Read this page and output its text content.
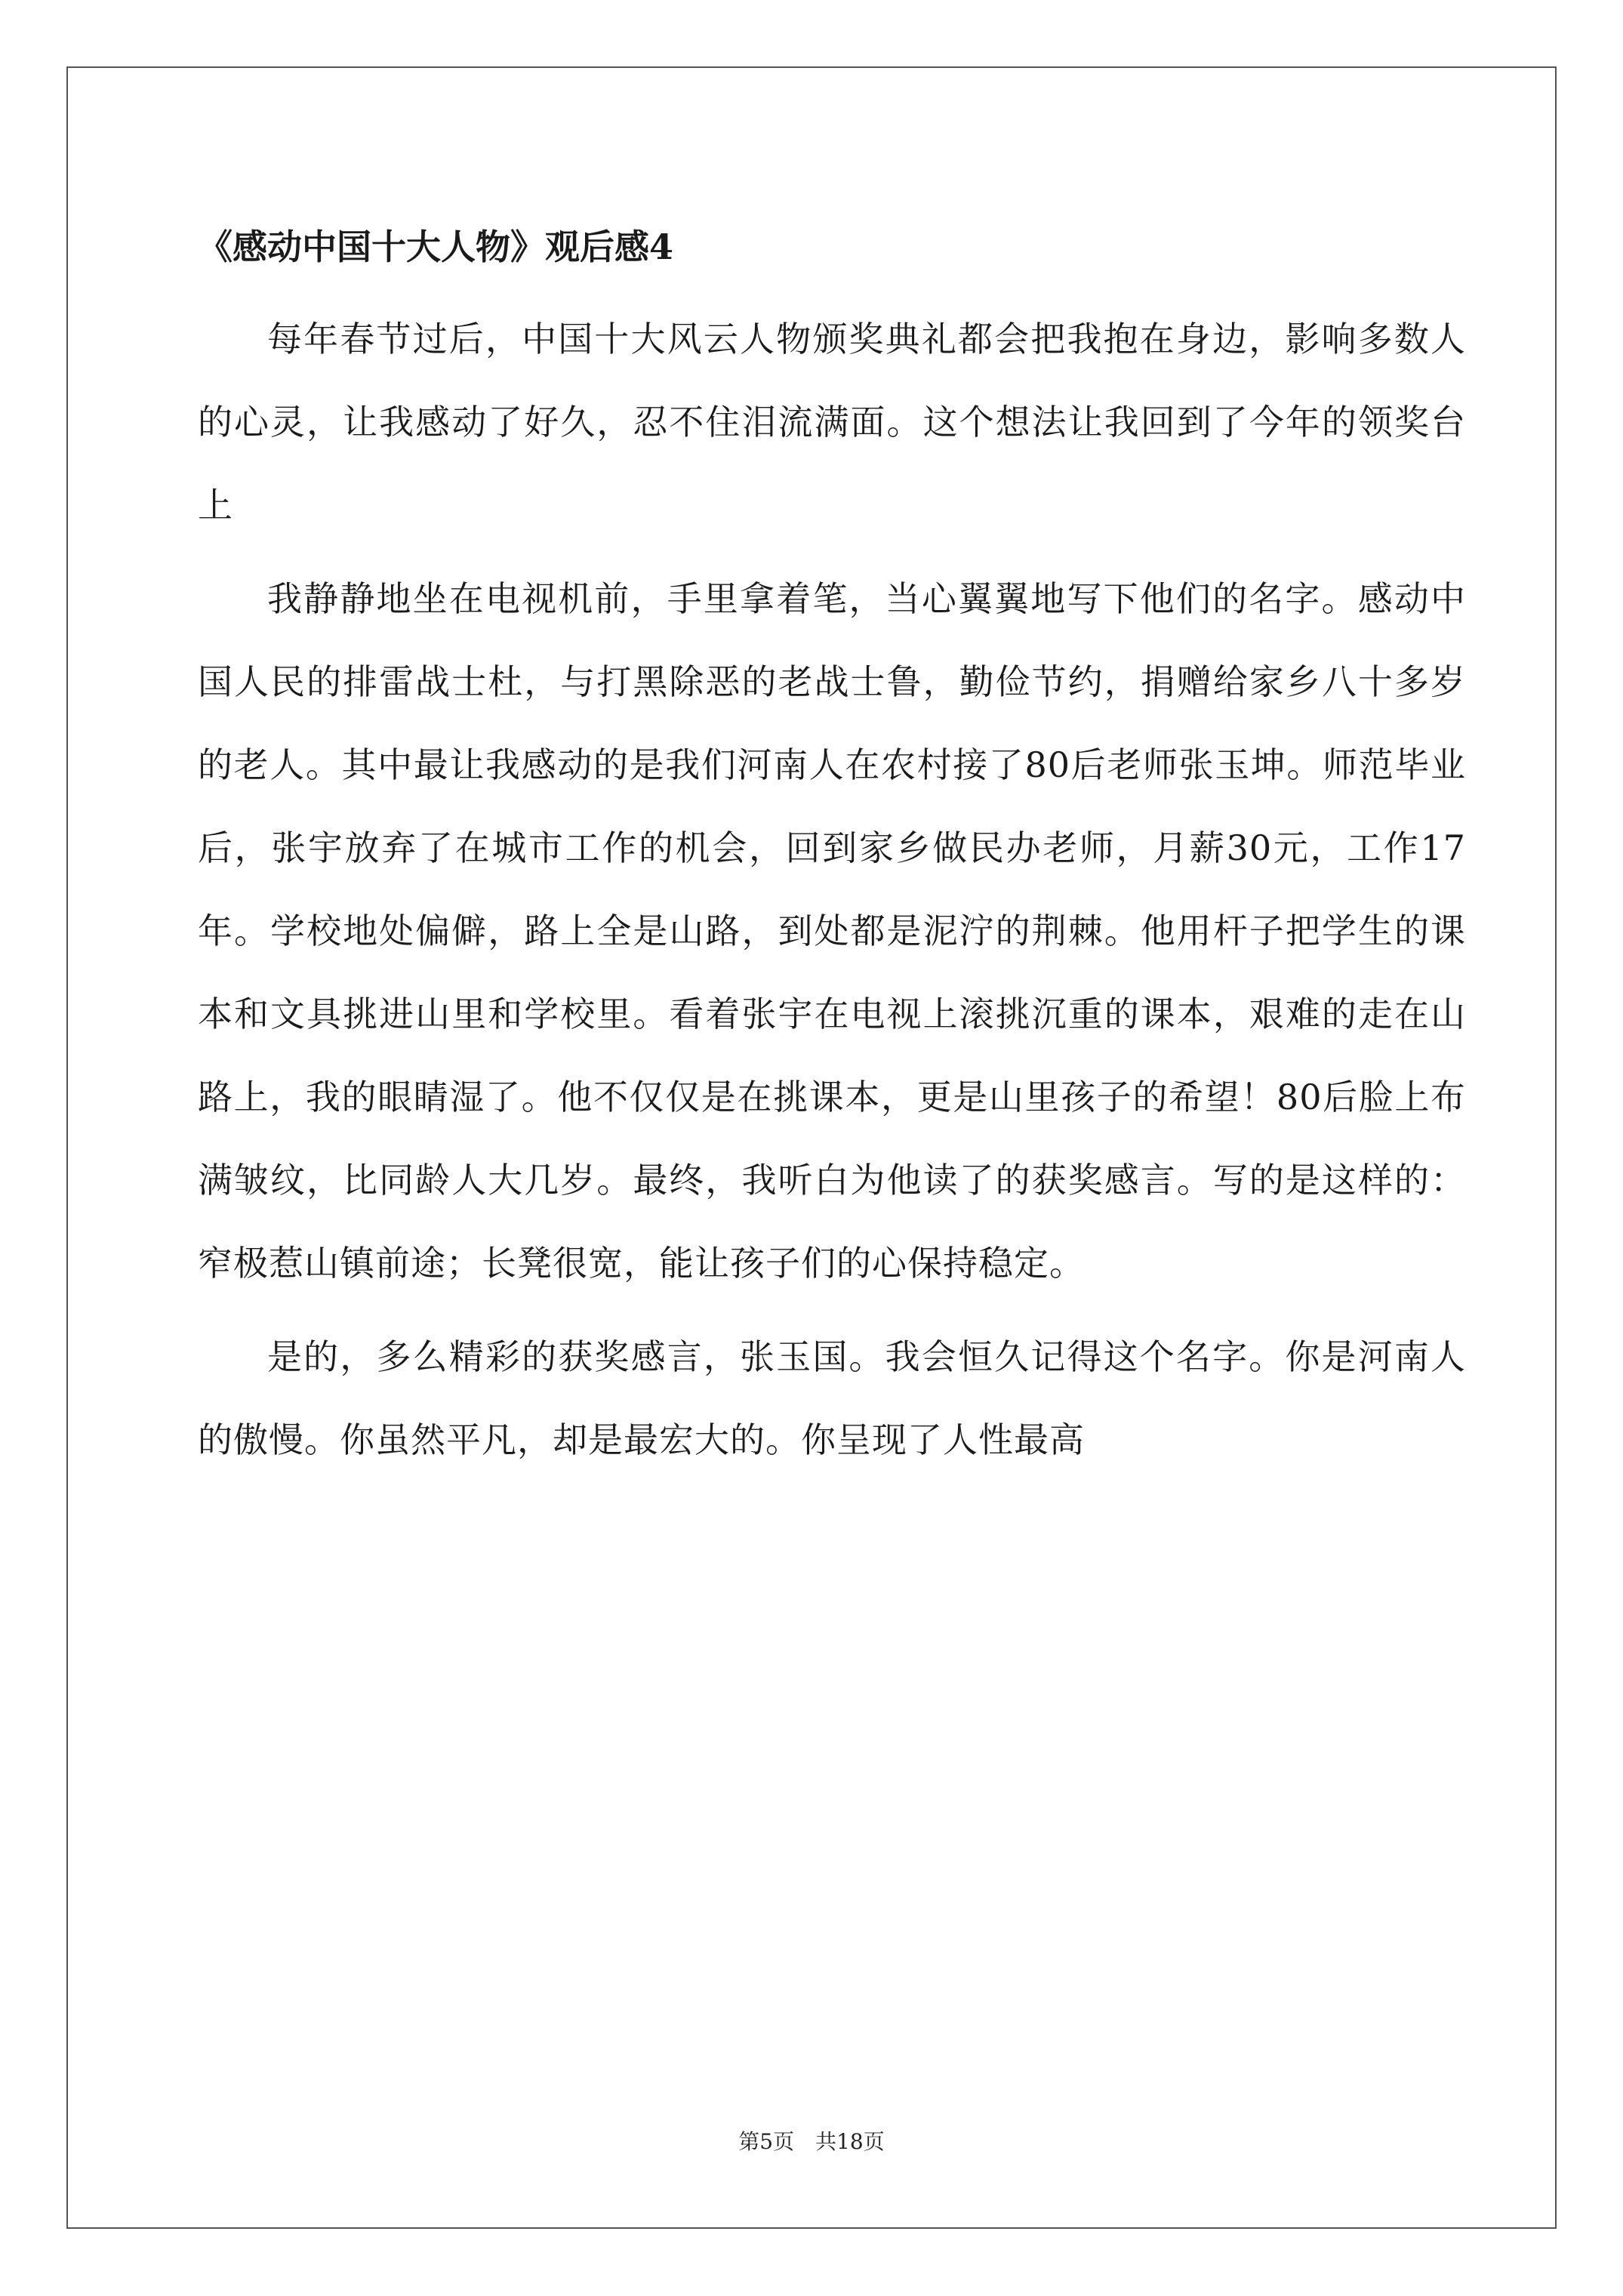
《感动中国十大人物》观后感4

每年春节过后，中国十大风云人物颁奖典礼都会把我抱在身边，影响多数人的心灵，让我感动了好久，忍不住泪流满面。这个想法让我回到了今年的领奖台上

我静静地坐在电视机前，手里拿着笔，当心翼翼地写下他们的名字。感动中国人民的排雷战士杜，与打黑除恶的老战士鲁，勤俭节约，捐赠给家乡八十多岁的老人。其中最让我感动的是我们河南人在农村接了80后老师张玉坤。师范毕业后，张宇放弃了在城市工作的机会，回到家乡做民办老师，月薪30元，工作17年。学校地处偏僻，路上全是山路，到处都是泥泞的荆棘。他用杆子把学生的课本和文具挑进山里和学校里。看着张宇在电视上滚挑沉重的课本，艰难的走在山路上，我的眼睛湿了。他不仅仅是在挑课本，更是山里孩子的希望！80后脸上布满皱纹，比同龄人大几岁。最终，我听白为他读了的获奖感言。写的是这样的：窄极惹山镇前途；长凳很宽，能让孩子们的心保持稳定。

是的，多么精彩的获奖感言，张玉国。我会恒久记得这个名字。你是河南人的傲慢。你虽然平凡，却是最宏大的。你呈现了人性最高

第5页　共18页
